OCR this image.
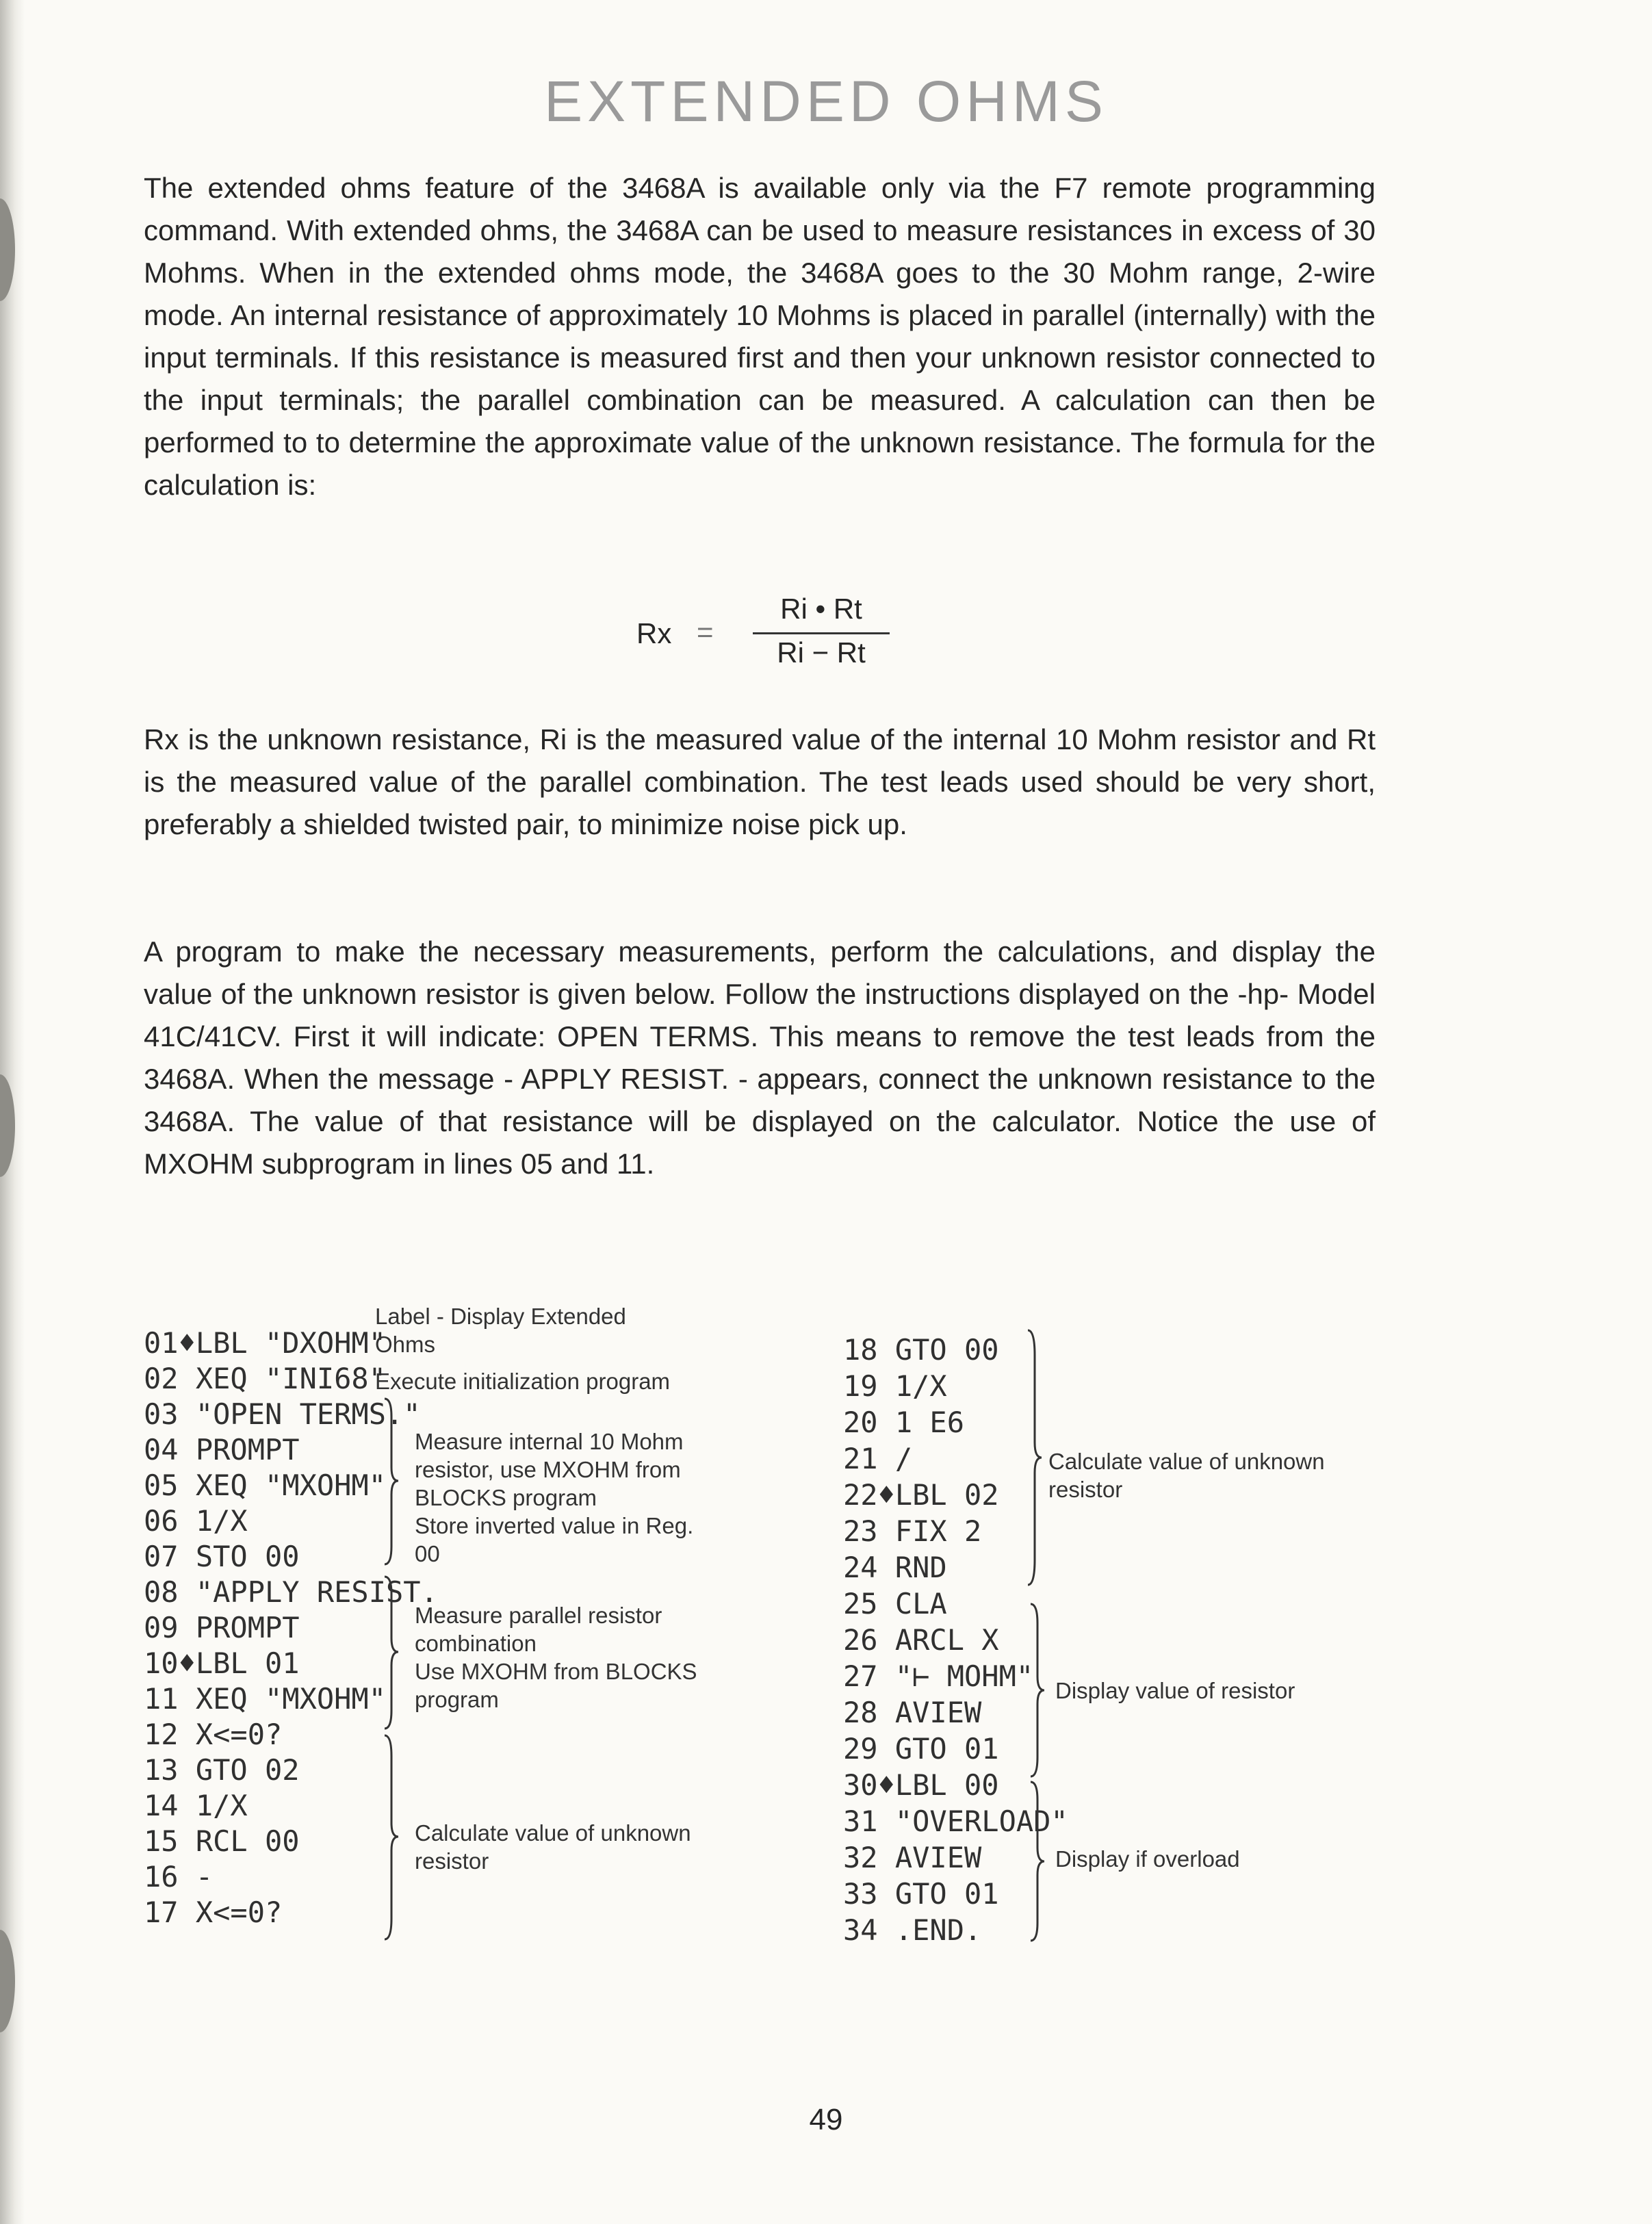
EXTENDED OHMS

The extended ohms feature of the 3468A is available only via the F7 remote programming command. With extended ohms, the 3468A can be used to measure resistances in excess of 30 Mohms. When in the extended ohms mode, the 3468A goes to the 30 Mohm range, 2-wire mode. An internal resistance of approximately 10 Mohms is placed in parallel (internally) with the input terminals. If this resistance is measured first and then your unknown resistor connected to the input terminals; the parallel combination can be measured. A calculation can then be performed to to determine the approximate value of the unknown resistance. The formula for the calculation is:

Rx =
Ri • Rt
Ri − Rt

Rx is the unknown resistance, Ri is the measured value of the internal 10 Mohm resistor and Rt is the measured value of the parallel combination. The test leads used should be very short, preferably a shielded twisted pair, to minimize noise pick up.

A program to make the necessary measurements, perform the calculations, and display the value of the unknown resistor is given below. Follow the instructions displayed on the -hp- Model 41C/41CV. First it will indicate: OPEN TERMS. This means to remove the test leads from the 3468A. When the message - APPLY RESIST. - appears, connect the unknown resistance to the 3468A. The value of that resistance will be displayed on the calculator. Notice the use of MXOHM subprogram in lines 05 and 11.

01♦LBL "DXOHM"
02 XEQ "INI68"
03 "OPEN TERMS."
04 PROMPT
05 XEQ "MXOHM"
06 1/X
07 STO 00
08 "APPLY RESIST.
09 PROMPT
10♦LBL 01
11 XEQ "MXOHM"
12 X<=0?
13 GTO 02
14 1/X
15 RCL 00
16 -
17 X<=0?
18 GTO 00
19 1/X
20 1 E6
21 /
22♦LBL 02
23 FIX 2
24 RND
25 CLA
26 ARCL X
27 "⊢ MOHM"
28 AVIEW
29 GTO 01
30♦LBL 00
31 "OVERLOAD"
32 AVIEW
33 GTO 01
34 .END.
Label - Display Extended
Ohms
Execute initialization program
Measure internal 10 Mohm
resistor, use MXOHM from
BLOCKS program
Store inverted value in Reg.
00
Measure parallel resistor
combination
Use MXOHM from BLOCKS
program
Calculate value of unknown
resistor
Calculate value of unknown
resistor
Display value of resistor
Display if overload
49
